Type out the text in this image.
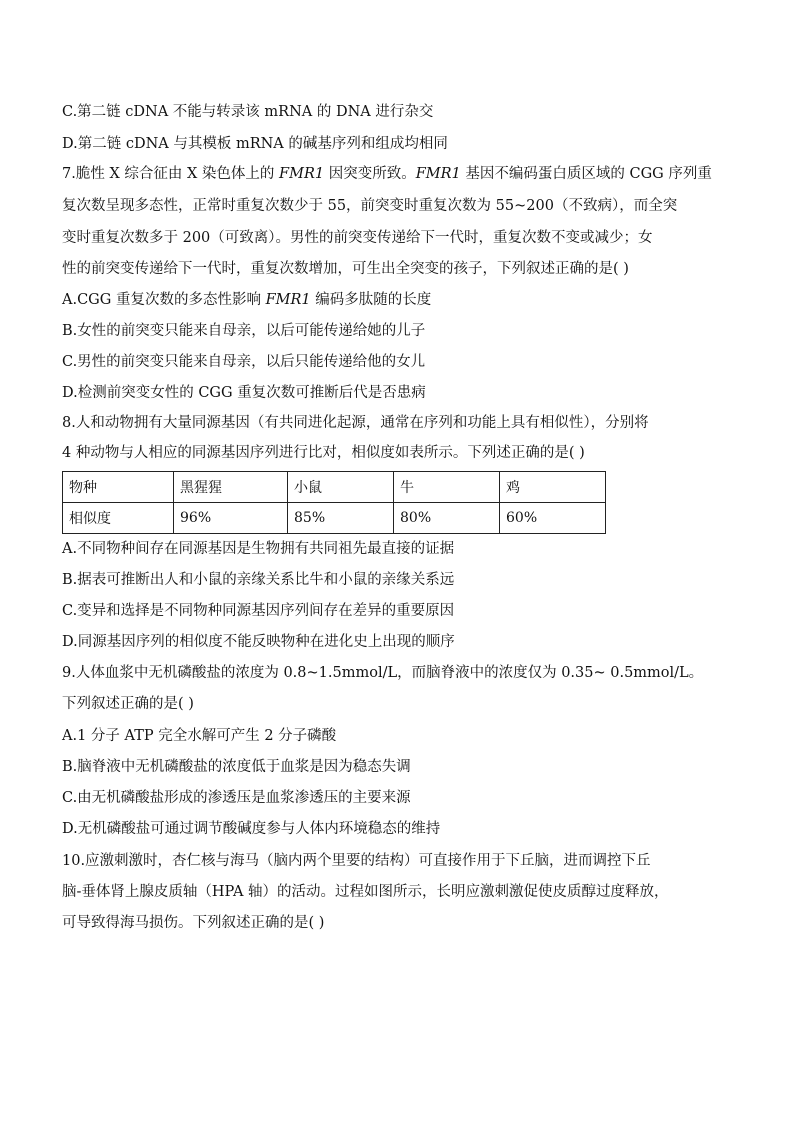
C.第二链 cDNA 不能与转录该 mRNA 的 DNA 进行杂交
D.第二链 cDNA 与其模板 mRNA 的碱基序列和组成均相同
7.脆性 X 综合征由 X 染色体上的 FMR1 因突变所致。FMR1 基因不编码蛋白质区域的 CGG 序列重
复次数呈现多态性，正常时重复次数少于 55，前突变时重复次数为 55~200（不致病），而全突
变时重复次数多于 200（可致离）。男性的前突变传递给下一代时，重复次数不变或减少；女
性的前突变传递给下一代时，重复次数增加，可生出全突变的孩子，下列叙述正确的是( )
A.CGG 重复次数的多态性影响 FMR1 编码多肽随的长度
B.女性的前突变只能来自母亲，以后可能传递给她的儿子
C.男性的前突变只能来自母亲，以后只能传递给他的女儿
D.检测前突变女性的 CGG 重复次数可推断后代是否患病
8.人和动物拥有大量同源基因（有共同进化起源，通常在序列和功能上具有相似性），分别将
4 种动物与人相应的同源基因序列进行比对，相似度如表所示。下列述正确的是( )
物种	黑猩猩	小鼠	牛	鸡
相似度	96%	85%	80%	60%
A.不同物种间存在同源基因是生物拥有共同祖先最直接的证据
B.据表可推断出人和小鼠的亲缘关系比牛和小鼠的亲缘关系远
C.变异和选择是不同物种同源基因序列间存在差异的重要原因
D.同源基因序列的相似度不能反映物种在进化史上出现的顺序
9.人体血浆中无机磷酸盐的浓度为 0.8~1.5mmol/L，而脑脊液中的浓度仅为 0.35~ 0.5mmol/L。
下列叙述正确的是( )
A.1 分子 ATP 完全水解可产生 2 分子磷酸
B.脑脊液中无机磷酸盐的浓度低于血浆是因为稳态失调
C.由无机磷酸盐形成的渗透压是血浆渗透压的主要来源
D.无机磷酸盐可通过调节酸碱度参与人体内环境稳态的维持
10.应激刺激时，杏仁核与海马（脑内两个里要的结构）可直接作用于下丘脑，进而调控下丘
脑-垂体肾上腺皮质轴（HPA 轴）的活动。过程如图所示，长明应激刺激促使皮质醇过度释放，
可导致得海马损伤。下列叙述正确的是( )
